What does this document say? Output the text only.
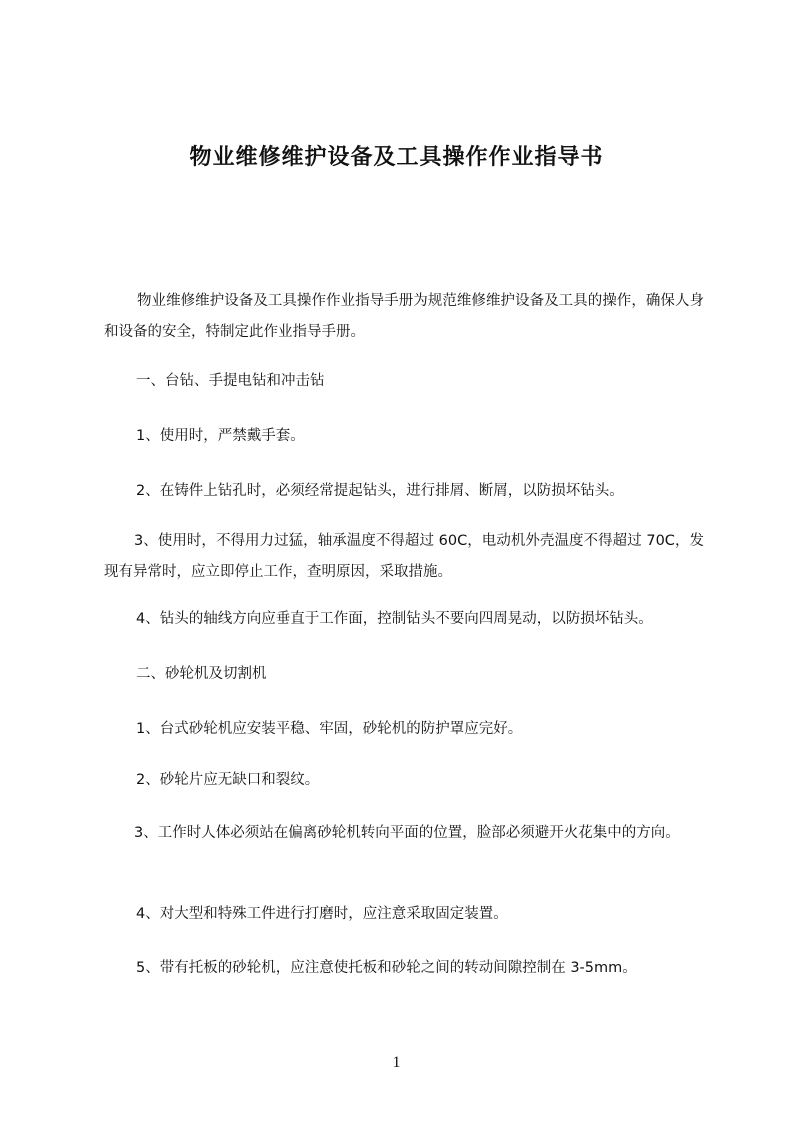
物业维修维护设备及工具操作作业指导书
物业维修维护设备及工具操作作业指导手册为规范维修维护设备及工具的操作，确保人身和设备的安全，特制定此作业指导手册。
一、台钻、手提电钻和冲击钻
1、使用时，严禁戴手套。
2、在铸件上钻孔时，必须经常提起钻头，进行排屑、断屑，以防损坏钻头。
3、使用时，不得用力过猛，轴承温度不得超过 60C，电动机外壳温度不得超过 70C，发现有异常时，应立即停止工作，查明原因，采取措施。
4、钻头的轴线方向应垂直于工作面，控制钻头不要向四周晃动，以防损坏钻头。
二、砂轮机及切割机
1、台式砂轮机应安装平稳、牢固，砂轮机的防护罩应完好。
2、砂轮片应无缺口和裂纹。
3、工作时人体必须站在偏离砂轮机转向平面的位置，脸部必须避开火花集中的方向。
4、对大型和特殊工件进行打磨时，应注意采取固定装置。
5、带有托板的砂轮机，应注意使托板和砂轮之间的转动间隙控制在 3-5mm。
1
